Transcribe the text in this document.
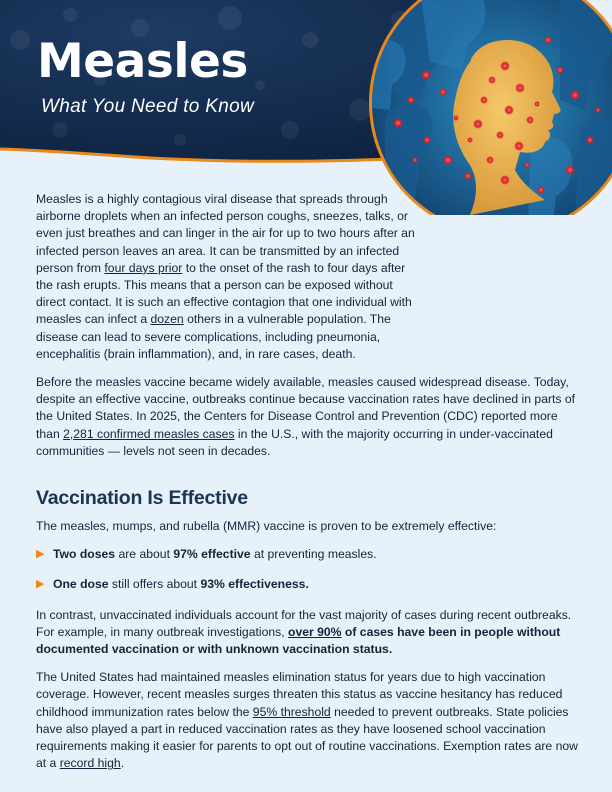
Measles
What You Need to Know

Measles is a highly contagious viral disease that spreads through airborne droplets when an infected person coughs, sneezes, talks, or even just breathes and can linger in the air for up to two hours after an infected person leaves an area. It can be transmitted by an infected person from four days prior to the onset of the rash to four days after the rash erupts. This means that a person can be exposed without direct contact. It is such an effective contagion that one individual with measles can infect a dozen others in a vulnerable population. The disease can lead to severe complications, including pneumonia, encephalitis (brain inflammation), and, in rare cases, death.

Before the measles vaccine became widely available, measles caused widespread disease. Today, despite an effective vaccine, outbreaks continue because vaccination rates have declined in parts of the United States. In 2025, the Centers for Disease Control and Prevention (CDC) reported more than 2,281 confirmed measles cases in the U.S., with the majority occurring in under-vaccinated communities — levels not seen in decades.

Vaccination Is Effective

The measles, mumps, and rubella (MMR) vaccine is proven to be extremely effective:

▶ Two doses are about 97% effective at preventing measles.
▶ One dose still offers about 93% effectiveness.

In contrast, unvaccinated individuals account for the vast majority of cases during recent outbreaks. For example, in many outbreak investigations, over 90% of cases have been in people without documented vaccination or with unknown vaccination status.

The United States had maintained measles elimination status for years due to high vaccination coverage. However, recent measles surges threaten this status as vaccine hesitancy has reduced childhood immunization rates below the 95% threshold needed to prevent outbreaks. State policies have also played a part in reduced vaccination rates as they have loosened school vaccination requirements making it easier for parents to opt out of routine vaccinations. Exemption rates are now at a record high.
